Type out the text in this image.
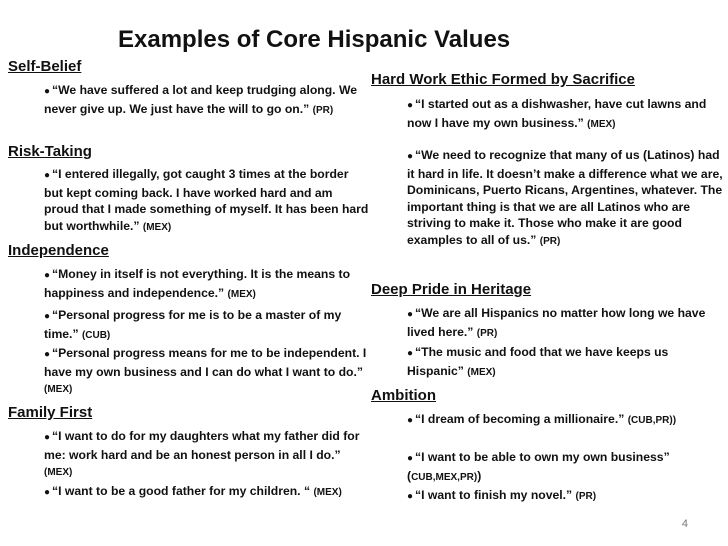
Examples of Core Hispanic Values
Self-Belief
● “We have suffered a lot and keep trudging along. We never give up. We just have the will to go on.” (PR)
Risk-Taking
● “I entered illegally, got caught 3 times at the border but kept coming back. I have worked hard and am proud that I made something of myself. It has been hard but worthwhile.” (MEX)
Independence
● “Money in itself is not everything. It is the means to happiness and independence.” (MEX)
● “Personal progress for me is to be a master of my time.” (CUB)
● “Personal progress means for me to be independent. I have my own business and I can do what I want to do.” (MEX)
Family First
● “I want to do for my daughters what my father did for me: work hard and be an honest person in all I do.” (MEX)
● “I want to be a good father for my children. “ (MEX)
Hard Work Ethic Formed by Sacrifice
● “I started out as a dishwasher, have cut lawns and now I have my own business.” (MEX)
● “We need to recognize that many of us (Latinos) had it hard in life. It doesn’t make a difference what we are, Dominicans, Puerto Ricans, Argentines, whatever. The important thing is that we are all Latinos who are striving to make it. Those who make it are good examples to all of us.” (PR)
Deep Pride in Heritage
● “We are all Hispanics no matter how long we have lived here.” (PR)
● “The music and food that we have keeps us Hispanic” (MEX)
Ambition
● “I dream of becoming a millionaire.” (CUB,PR))
● “I want to be able to own my own business” (CUB,MEX,PR))
● “I want to finish my novel.” (PR)
4
